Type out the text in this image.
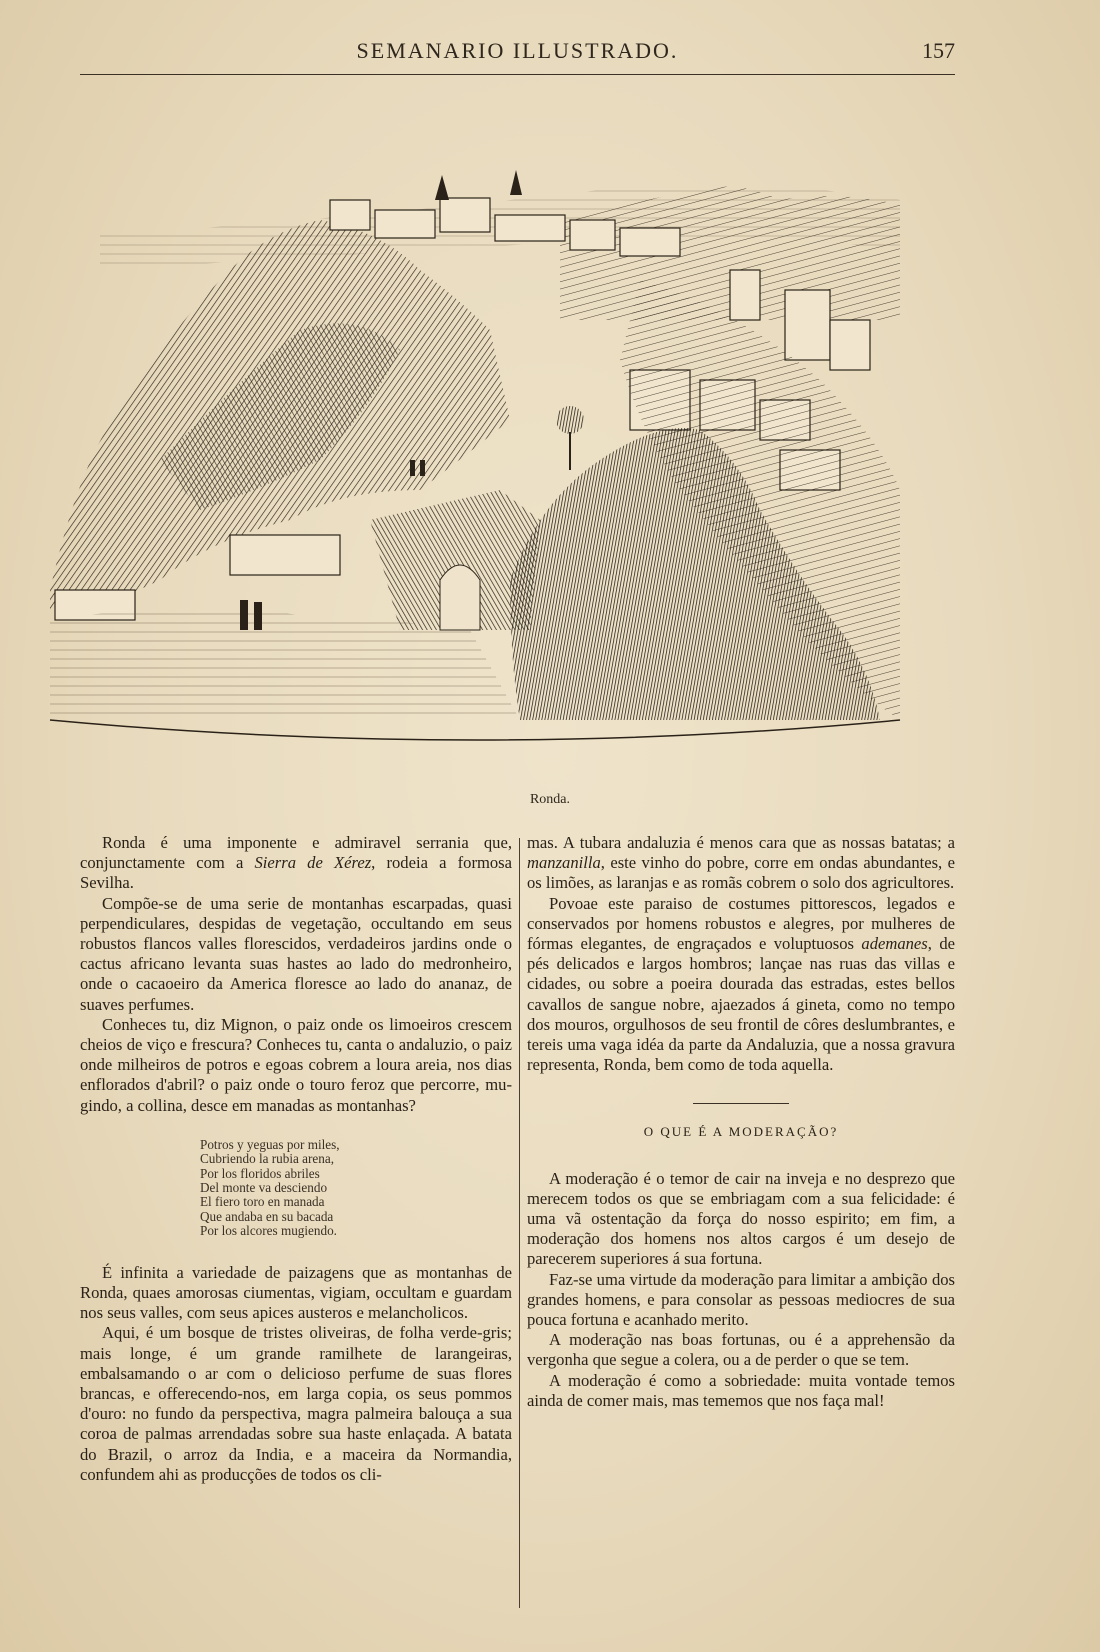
SEMANARIO ILLUSTRADO.	157
Ronda.

Ronda é uma imponente e admiravel serrania que, conjunctamente com a Sierra de Xérez, rodeia a formosa Sevilha.

Compõe-se de uma serie de montanhas escarpadas, quasi perpendiculares, despidas de vegetação, occultando em seus robustos flancos valles florescidos, verdadeiros jardins onde o cactus africano levanta suas hastes ao lado do medronheiro, onde o cacaoeiro da America floresce ao lado do ananaz, de suaves perfumes.

Conheces tu, diz Mignon, o paiz onde os limoeiros crescem cheios de viço e frescura? Conheces tu, canta o andaluzio, o paiz onde milheiros de potros e egoas cobrem a loura areia, nos dias enflorados d'abril? o paiz onde o touro feroz que percorre, mugindo, a collina, desce em manadas as montanhas?

Potros y yeguas por miles,
Cubriendo la rubia arena,
Por los floridos abriles
Del monte va desciendo
El fiero toro en manada
Que andaba en su bacada
Por los alcores mugiendo.

É infinita a variedade de paizagens que as montanhas de Ronda, quaes amorosas ciumentas, vigiam, occultam e guardam nos seus valles, com seus apices austeros e melancholicos.

Aqui, é um bosque de tristes oliveiras, de folha verde-gris; mais longe, é um grande ramilhete de larangeiras, embalsamando o ar com o delicioso perfume de suas flores brancas, e offerecendo-nos, em larga copia, os seus pommos d'ouro: no fundo da perspectiva, magra palmeira balouça a sua coroa de palmas arrendadas sobre sua haste enlaçada. A batata do Brazil, o arroz da India, e a maceira da Normandia, confundem ahi as producções de todos os cli-

mas. A tubara andaluzia é menos cara que as nossas batatas; a manzanilla, este vinho do pobre, corre em ondas abundantes, e os limões, as laranjas e as romãs cobrem o solo dos agricultores.

Povoae este paraiso de costumes pittorescos, legados e conservados por homens robustos e alegres, por mulheres de fórmas elegantes, de engraçados e voluptuosos ademanes, de pés delicados e largos hombros; lançae nas ruas das villas e cidades, ou sobre a poeira dourada das estradas, estes bellos cavallos de sangue nobre, ajaezados á gineta, como no tempo dos mouros, orgulhosos de seu frontil de côres deslumbrantes, e tereis uma vaga idéa da parte da Andaluzia, que a nossa gravura representa, Ronda, bem como de toda aquella.

O QUE É A MODERAÇÃO?

A moderação é o temor de cair na inveja e no desprezo que merecem todos os que se embriagam com a sua felicidade: é uma vã ostentação da força do nosso espirito; em fim, a moderação dos homens nos altos cargos é um desejo de parecerem superiores á sua fortuna.

Faz-se uma virtude da moderação para limitar a ambição dos grandes homens, e para consolar as pessoas mediocres de sua pouca fortuna e acanhado merito.

A moderação nas boas fortunas, ou é a apprehensão da vergonha que segue a colera, ou a de perder o que se tem.

A moderação é como a sobriedade: muita vontade temos ainda de comer mais, mas tememos que nos faça mal!
